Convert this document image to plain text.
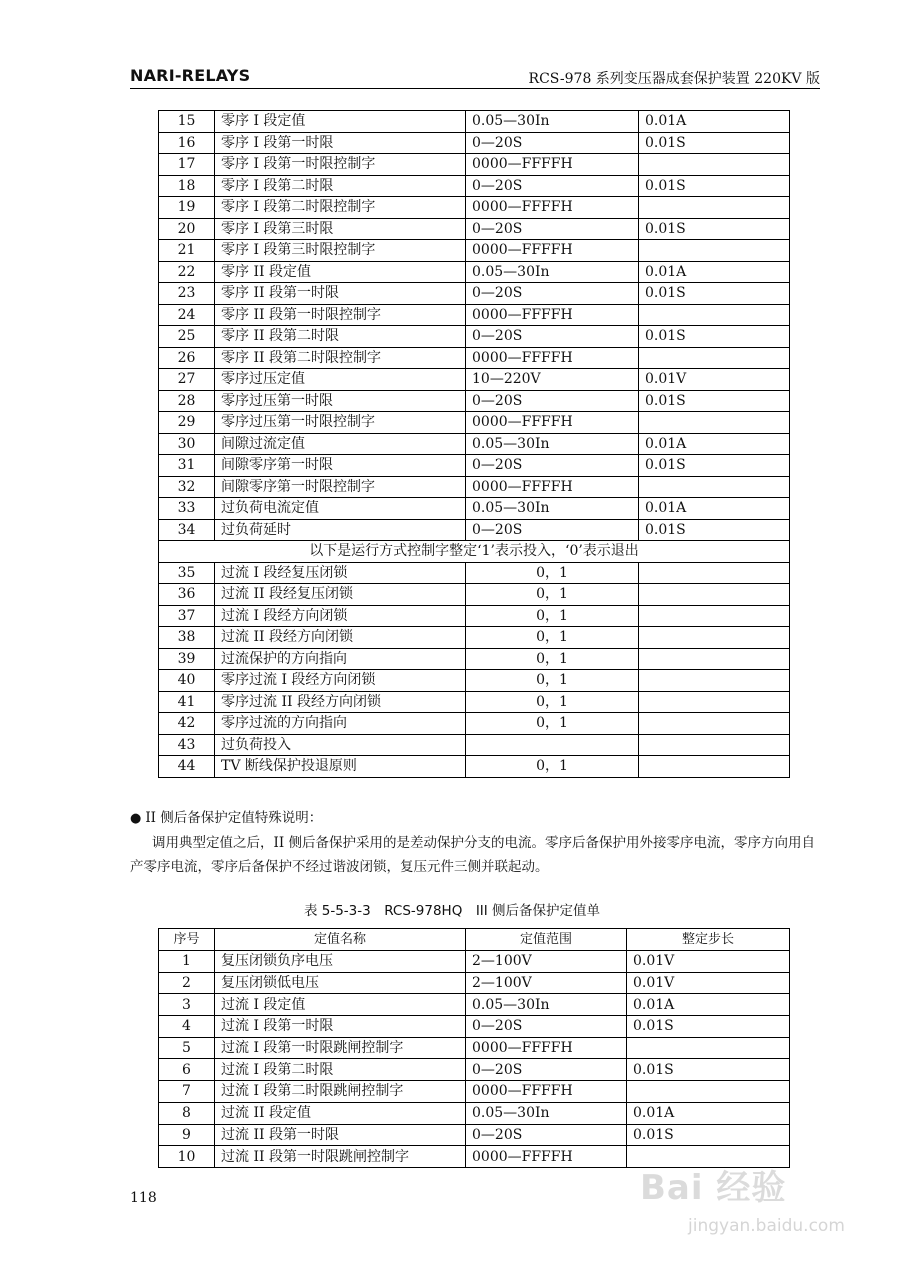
NARI-RELAYS	RCS-978 系列变压器成套保护装置 220KV 版
15	零序 I 段定值	0.05—30In	0.01A
16	零序 I 段第一时限	0—20S	0.01S
17	零序 I 段第一时限控制字	0000—FFFFH	
18	零序 I 段第二时限	0—20S	0.01S
19	零序 I 段第二时限控制字	0000—FFFFH	
20	零序 I 段第三时限	0—20S	0.01S
21	零序 I 段第三时限控制字	0000—FFFFH	
22	零序 II 段定值	0.05—30In	0.01A
23	零序 II 段第一时限	0—20S	0.01S
24	零序 II 段第一时限控制字	0000—FFFFH	
25	零序 II 段第二时限	0—20S	0.01S
26	零序 II 段第二时限控制字	0000—FFFFH	
27	零序过压定值	10—220V	0.01V
28	零序过压第一时限	0—20S	0.01S
29	零序过压第一时限控制字	0000—FFFFH	
30	间隙过流定值	0.05—30In	0.01A
31	间隙零序第一时限	0—20S	0.01S
32	间隙零序第一时限控制字	0000—FFFFH	
33	过负荷电流定值	0.05—30In	0.01A
34	过负荷延时	0—20S	0.01S
以下是运行方式控制字整定‘1’表示投入，‘0’表示退出			
35	过流 I 段经复压闭锁	0，1	
36	过流 II 段经复压闭锁	0，1	
37	过流 I 段经方向闭锁	0，1	
38	过流 II 段经方向闭锁	0，1	
39	过流保护的方向指向	0，1	
40	零序过流 I 段经方向闭锁	0，1	
41	零序过流 II 段经方向闭锁	0，1	
42	零序过流的方向指向	0，1	
43	过负荷投入		
44	TV 断线保护投退原则	0，1	

● II 侧后备保护定值特殊说明：

调用典型定值之后，II 侧后备保护采用的是差动保护分支的电流。零序后备保护用外接零序电流，零序方向用自产零序电流，零序后备保护不经过谐波闭锁，复压元件三侧并联起动。

表 5-5-3-3　RCS-978HQ　III 侧后备保护定值单
序号	定值名称	定值范围	整定步长
1	复压闭锁负序电压	2—100V	0.01V
2	复压闭锁低电压	2—100V	0.01V
3	过流 I 段定值	0.05—30In	0.01A
4	过流 I 段第一时限	0—20S	0.01S
5	过流 I 段第一时限跳闸控制字	0000—FFFFH	
6	过流 I 段第二时限	0—20S	0.01S
7	过流 I 段第二时限跳闸控制字	0000—FFFFH	
8	过流 II 段定值	0.05—30In	0.01A
9	过流 II 段第一时限	0—20S	0.01S
10	过流 II 段第一时限跳闸控制字	0000—FFFFH	
118	Bai 经验
jingyan.baidu.com
